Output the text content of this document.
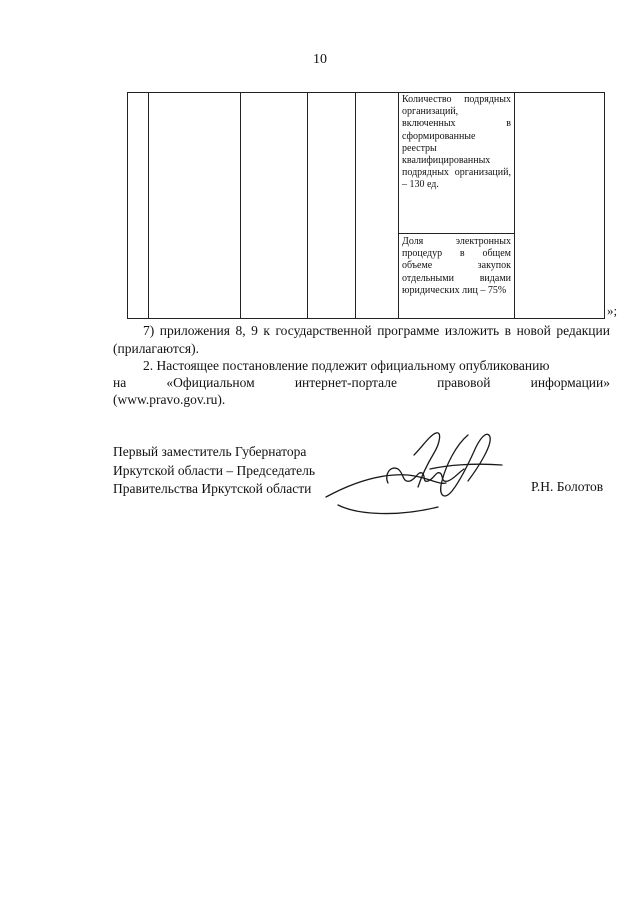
10
Количество подрядных организаций, включенных в сформированные реестры квалифицированных подрядных организаций, – 130 ед.
Доля электронных процедур в общем объеме закупок отдельными видами юридических лиц – 75%
»;
7) приложения 8, 9 к государственной программе изложить в новой редакции (прилагаются).
2. Настоящее постановление подлежит официальному опубликованию
на	«Официальном	интернет-портале	правовой	информации»
(www.pravo.gov.ru).
Первый заместитель Губернатора
Иркутской области – Председатель
Правительства Иркутской области	Р.Н. Болотов
